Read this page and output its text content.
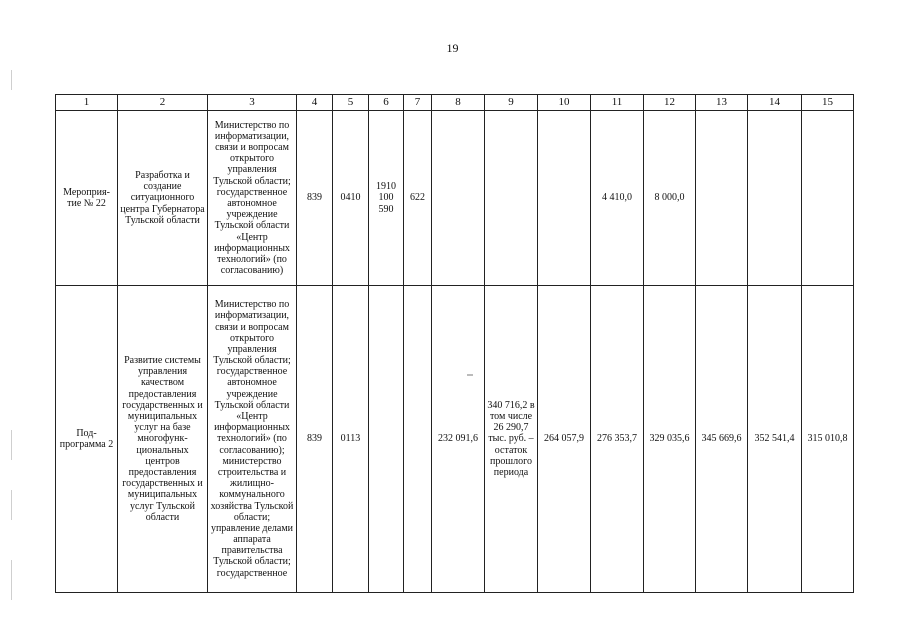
19
1	2	3	4	5	6	7	8	9	10	11	12	13	14	15
Мероприя-тие № 22	Разработка и создание ситуационного центра Губернатора Тульской области	Министерство по информатизации, связи и вопросам открытого управления Тульской области; государственное автономное учреждение Тульской области «Центр информационных технологий» (по согласованию)	839	0410	1910 100 590	622				4 410,0	8 000,0			
Под-программа 2	Развитие системы управления качеством предоставления государственных и муниципальных услуг на базе многофунк-циональных центров предоставления государственных и муниципальных услуг Тульской области	Министерство по информатизации, связи и вопросам открытого управления Тульской области; государственное автономное учреждение Тульской области «Центр информационных технологий» (по согласованию); министерство строительства и жилищно-коммунального хозяйства Тульской области; управление делами аппарата правительства Тульской области; государственное	839	0113			232 091,6	340 716,2 в том числе 26 290,7 тыс. руб. – остаток прошлого периода	264 057,9	276 353,7	329 035,6	345 669,6	352 541,4	315 010,8
